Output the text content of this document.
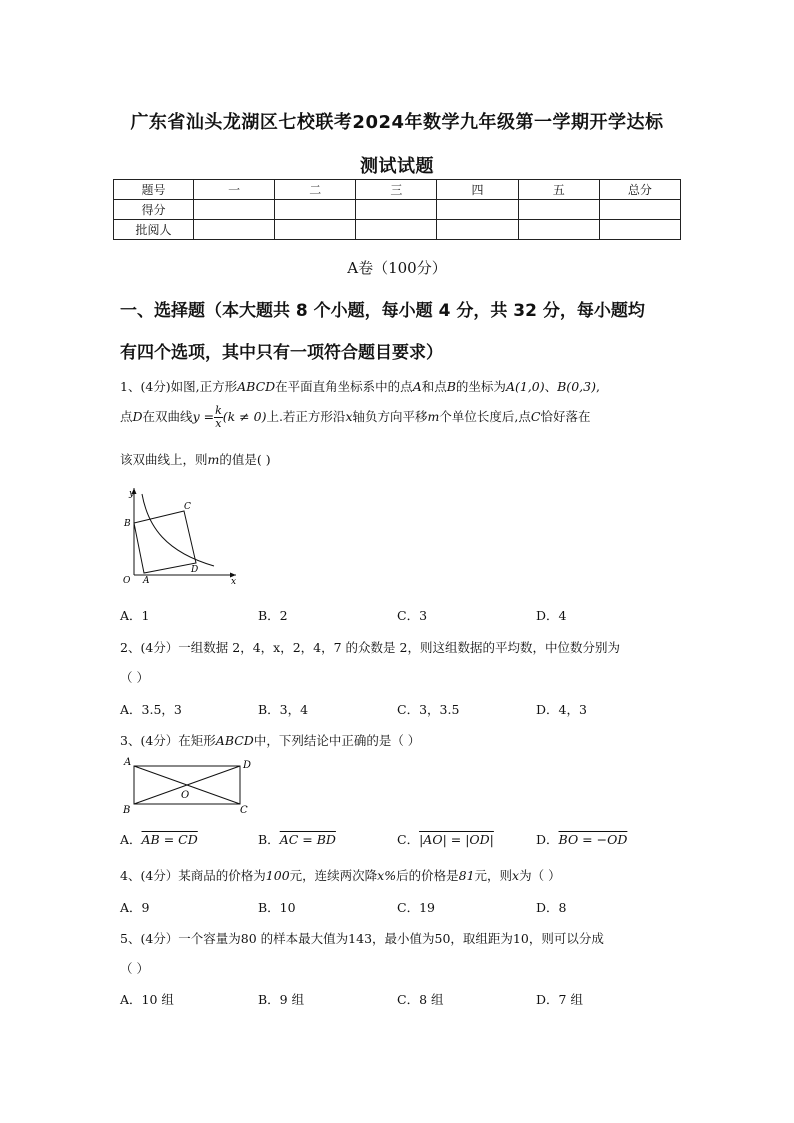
广东省汕头龙湖区七校联考2024年数学九年级第一学期开学达标
测试试题
题号	一	二	三	四	五	总分
得分						
批阅人						
A卷（100分）
一、选择题（本大题共 8 个小题，每小题 4 分，共 32 分，每小题均
有四个选项，其中只有一项符合题目要求）
1、(4分)如图,正方形ABCD在平面直角坐标系中的点A和点B的坐标为A(1,0)、B(0,3),
点D在双曲线$y = \frac{k}{x} (k \ne 0)$上.若正方形沿x轴负方向平移m个单位长度后,点C恰好落在
该双曲线上，则m的值是( )
y
x
O A
B
C
D
A．1	B．2	C．3	D．4
2、(4分）一组数据 2，4，x，2，4，7 的众数是 2，则这组数据的平均数，中位数分别为
（ ）
A．3.5，3	B．3，4	C．3，3.5	D．4，3
3、(4分）在矩形ABCD中，下列结论中正确的是（ ）
A	D
B	C
O
A．AB = CD	B．AC = BD	C．|AO| = |OD|	D．BO = −OD
4、(4分）某商品的价格为100元，连续两次降x%后的价格是81元，则x为（ ）
A．9	B．10	C．19	D．8
5、(4分）一个容量为80 的样本最大值为143，最小值为50，取组距为10，则可以分成
（ ）
A．10 组	B．9 组	C．8 组	D．7 组
